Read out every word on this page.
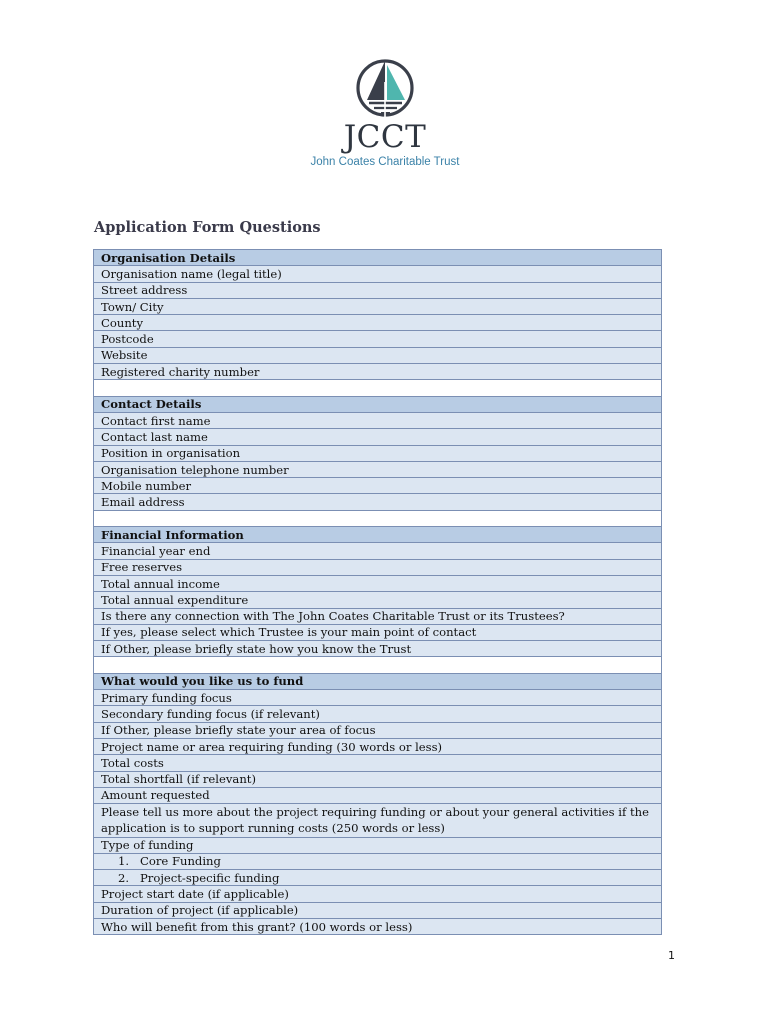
JCCT
John Coates Charitable Trust
Application Form Questions
Organisation Details
Organisation name (legal title)
Street address
Town/ City
County
Postcode
Website
Registered charity number

Contact Details
Contact first name
Contact last name
Position in organisation
Organisation telephone number
Mobile number
Email address

Financial Information
Financial year end
Free reserves
Total annual income
Total annual expenditure
Is there any connection with The John Coates Charitable Trust or its Trustees?
If yes, please select which Trustee is your main point of contact
If Other, please briefly state how you know the Trust

What would you like us to fund
Primary funding focus
Secondary funding focus (if relevant)
If Other, please briefly state your area of focus
Project name or area requiring funding (30 words or less)
Total costs
Total shortfall (if relevant)
Amount requested
Please tell us more about the project requiring funding or about your general activities if the application is to support running costs (250 words or less)
Type of funding
1. Core Funding
2. Project-specific funding
Project start date (if applicable)
Duration of project (if applicable)
Who will benefit from this grant? (100 words or less)
1
